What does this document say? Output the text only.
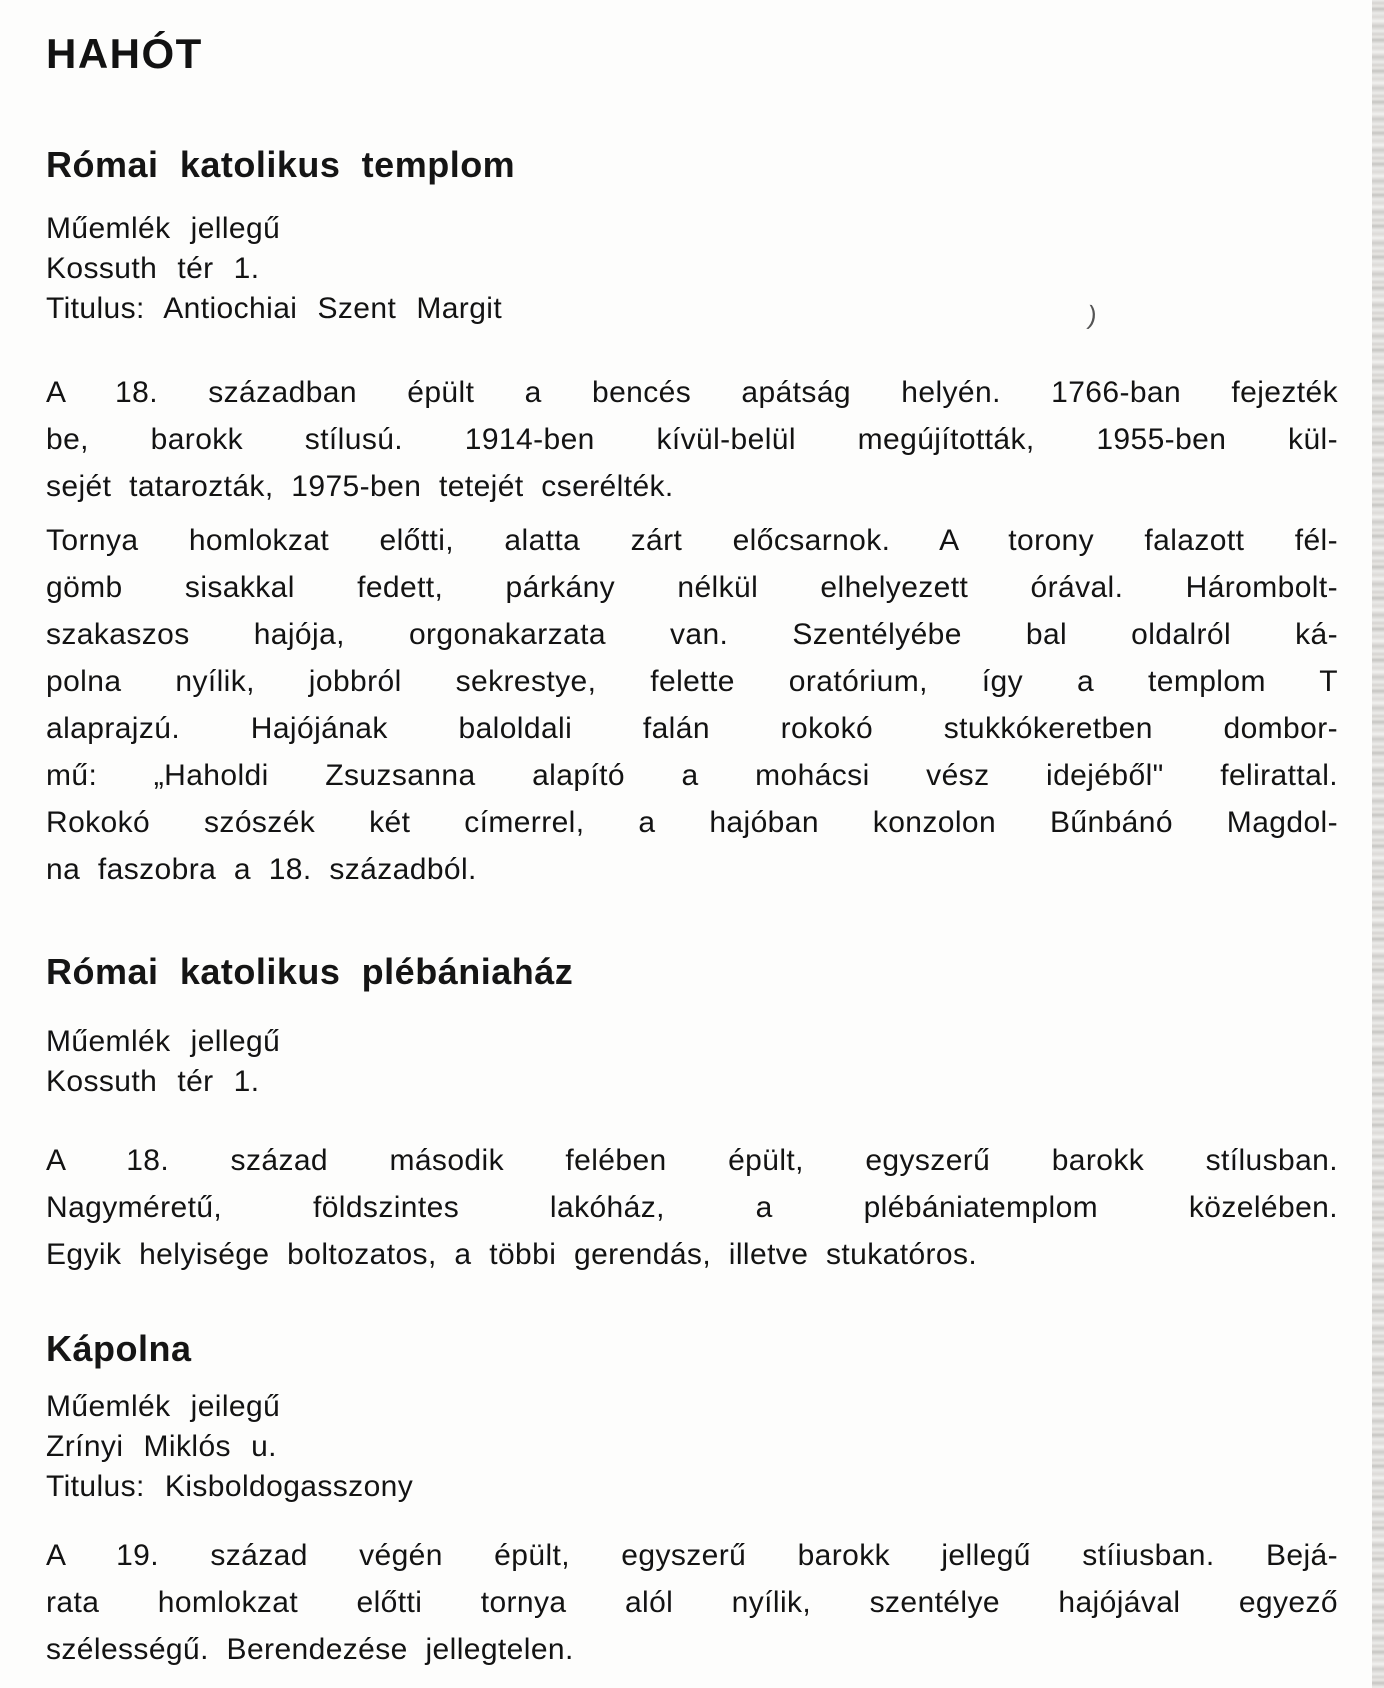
HAHÓT
Római katolikus templom
Műemlék jellegű
Kossuth tér 1.
Titulus: Antiochiai Szent Margit
A 18. században épült a bencés apátság helyén. 1766-ban fejezték
be, barokk stílusú. 1914-ben kívül-belül megújították, 1955-ben kül-
sejét tatarozták, 1975-ben tetejét cserélték.
Tornya homlokzat előtti, alatta zárt előcsarnok. A torony falazott fél-
gömb sisakkal fedett, párkány nélkül elhelyezett órával. Hárombolt-
szakaszos hajója, orgonakarzata van. Szentélyébe bal oldalról ká-
polna nyílik, jobbról sekrestye, felette oratórium, így a templom T
alaprajzú. Hajójának baloldali falán rokokó stukkókeretben dombor-
mű: „Haholdi Zsuzsanna alapító a mohácsi vész idejéből" felirattal.
Rokokó szószék két címerrel, a hajóban konzolon Bűnbánó Magdol-
na faszobra a 18. századból.
Római katolikus plébániaház
Műemlék jellegű
Kossuth tér 1.
A 18. század második felében épült, egyszerű barokk stílusban.
Nagyméretű, földszintes lakóház, a plébániatemplom közelében.
Egyik helyisége boltozatos, a többi gerendás, illetve stukatóros.
Kápolna
Műemlék jeilegű
Zrínyi Miklós u.
Titulus: Kisboldogasszony
A 19. század végén épült, egyszerű barokk jellegű stíiusban. Bejá-
rata homlokzat előtti tornya alól nyílik, szentélye hajójával egyező
szélességű. Berendezése jellegtelen.
)
